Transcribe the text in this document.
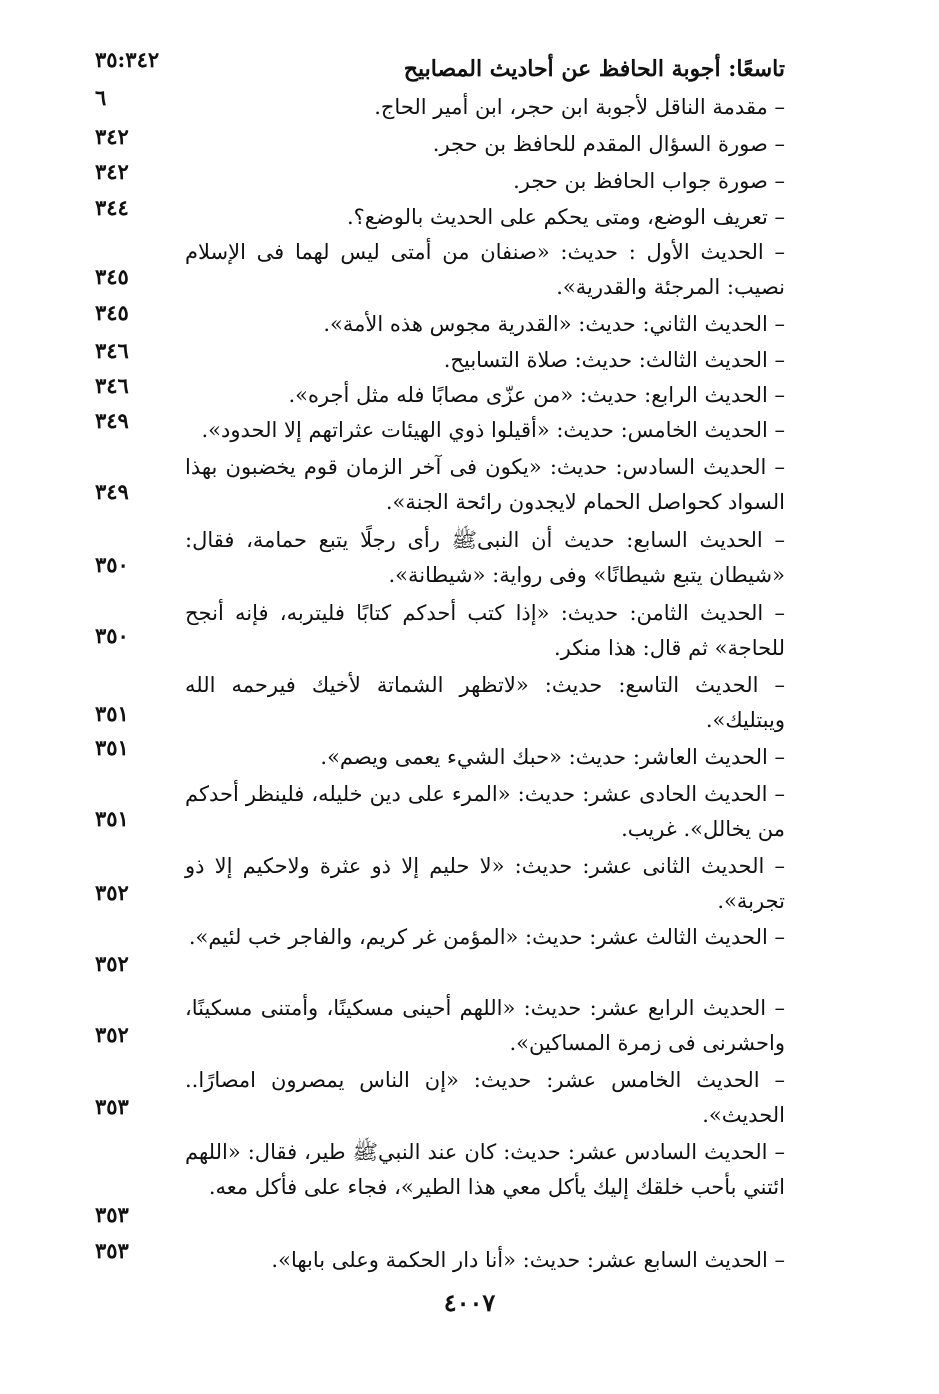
تاسعًا: أجوبة الحافظ عن أحاديث المصابيح
٣٥:٣٤٢
– مقدمة الناقل لأجوبة ابن حجر، ابن أمير الحاج.
٦
– صورة السؤال المقدم للحافظ بن حجر.
٣٤٢
– صورة جواب الحافظ بن حجر.
٣٤٢
– تعريف الوضع، ومتى يحكم على الحديث بالوضع؟.
٣٤٤
– الحديث الأول : حديث: «صنفان من أمتى ليس لهما فى الإسلام نصيب: المرجئة والقدرية».
٣٤٥
– الحديث الثاني: حديث: «القدرية مجوس هذه الأمة».
٣٤٥
– الحديث الثالث: حديث: صلاة التسابيح.
٣٤٦
– الحديث الرابع: حديث: «من عزّى مصابًا فله مثل أجره».
٣٤٦
– الحديث الخامس: حديث: «أقيلوا ذوي الهيئات عثراتهم إلا الحدود».
٣٤٩
– الحديث السادس: حديث: «يكون فى آخر الزمان قوم يخضبون بهذا السواد كحواصل الحمام لايجدون رائحة الجنة».
٣٤٩
– الحديث السابع: حديث أن النبىﷺ رأى رجلًا يتبع حمامة، فقال: «شيطان يتبع شيطانًا» وفى رواية: «شيطانة».
٣٥٠
– الحديث الثامن: حديث: «إذا كتب أحدكم كتابًا فليتربه، فإنه أنجح للحاجة» ثم قال: هذا منكر.
٣٥٠
– الحديث التاسع: حديث: «لاتظهر الشماتة لأخيك فيرحمه الله ويبتليك».
٣٥١
– الحديث العاشر: حديث: «حبك الشيء يعمى ويصم».
٣٥١
– الحديث الحادى عشر: حديث: «المرء على دين خليله، فلينظر أحدكم من يخالل». غريب.
٣٥١
– الحديث الثانى عشر: حديث: «لا حليم إلا ذو عثرة ولاحكيم إلا ذو تجربة».
٣٥٢
– الحديث الثالث عشر: حديث: «المؤمن غر كريم، والفاجر خب لئيم».
٣٥٢
– الحديث الرابع عشر: حديث: «اللهم أحينى مسكينًا، وأمتنى مسكينًا، واحشرنى فى زمرة المساكين».
٣٥٢
– الحديث الخامس عشر: حديث: «إن الناس يمصرون امصارًا.. الحديث».
٣٥٣
– الحديث السادس عشر: حديث: كان عند النبيﷺ طير، فقال: «اللهم ائتني بأحب خلقك إليك يأكل معي هذا الطير»، فجاء على فأكل معه.
٣٥٣
– الحديث السابع عشر: حديث: «أنا دار الحكمة وعلى بابها».
٣٥٣
٤٠٠٧
